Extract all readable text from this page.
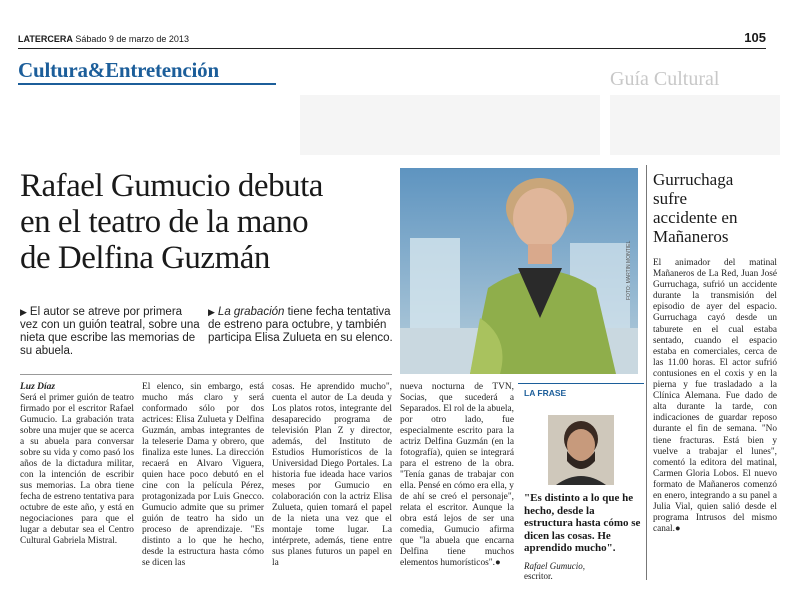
LATERCERA Sábado 9 de marzo de 2013	105
Cultura&Entretención	Guía Cultural
Rafael Gumucio debuta
en el teatro de la mano
de Delfina Guzmán
▶ El autor se atreve por primera vez con un guión teatral, sobre una nieta que escribe las memorias de su abuela.
▶ La grabación tiene fecha tentativa de estreno para octubre, y también participa Elisa Zulueta en su elenco.
FOTO: MARTIN MONTIEL
Luz Díaz
Será el primer guión de teatro firmado por el escritor Rafael Gumucio. La grabación trata sobre una mujer que se acerca a su abuela para conversar sobre su vida y como pasó los años de la dictadura militar, con la intención de escribir sus memorias. La obra tiene fecha de estreno tentativa para octubre de este año, y está en negociaciones para que el lugar a debutar sea el Centro Cultural Gabriela Mistral.
El elenco, sin embargo, está mucho más claro y será conformado sólo por dos actrices: Elisa Zulueta y Delfina Guzmán, ambas integrantes de la teleserie Dama y obrero, que finaliza este lunes. La dirección recaerá en Alvaro Viguera, quien hace poco debutó en el cine con la película Pérez, protagonizada por Luis Gnecco. Gumucio admite que su primer guión de teatro ha sido un proceso de aprendizaje. "Es distinto a lo que he hecho, desde la estructura hasta cómo se dicen las
cosas. He aprendido mucho", cuenta el autor de La deuda y Los platos rotos, integrante del desaparecido programa de televisión Plan Z y director, además, del Instituto de Estudios Humorísticos de la Universidad Diego Portales. La historia fue ideada hace varios meses por Gumucio en colaboración con la actriz Elisa Zulueta, quien tomará el papel de la nieta una vez que el montaje tome lugar. La intérprete, además, tiene entre sus planes futuros un papel en la
nueva nocturna de TVN, Socias, que sucederá a Separados. El rol de la abuela, por otro lado, fue especialmente escrito para la actriz Delfina Guzmán (en la fotografía), quien se integrará para el estreno de la obra. "Tenía ganas de trabajar con ella. Pensé en cómo era ella, y de ahí se creó el personaje", relata el escritor. Aunque la obra está lejos de ser una comedia, Gumucio afirma que "la abuela que encarna Delfina tiene muchos elementos humorísticos".●
LA FRASE
"Es distinto a lo que he hecho, desde la estructura hasta cómo se dicen las cosas. He aprendido mucho".
Rafael Gumucio,
escritor.
Gurruchaga
sufre
accidente en
Mañaneros
El animador del matinal Mañaneros de La Red, Juan José Gurruchaga, sufrió un accidente durante la transmisión del episodio de ayer del espacio. Gurruchaga cayó desde un taburete en el cual estaba sentado, cuando el espacio estaba en comerciales, cerca de las 11.00 horas. El actor sufrió contusiones en el coxis y en la pierna y fue trasladado a la Clínica Alemana. Fue dado de alta durante la tarde, con indicaciones de guardar reposo durante el fin de semana. "No tiene fracturas. Está bien y vuelve a trabajar el lunes", comentó la editora del matinal, Carmen Gloria Lobos. El nuevo formato de Mañaneros comenzó en enero, integrando a su panel a Julia Vial, quien salió desde el programa Intrusos del mismo canal.●
